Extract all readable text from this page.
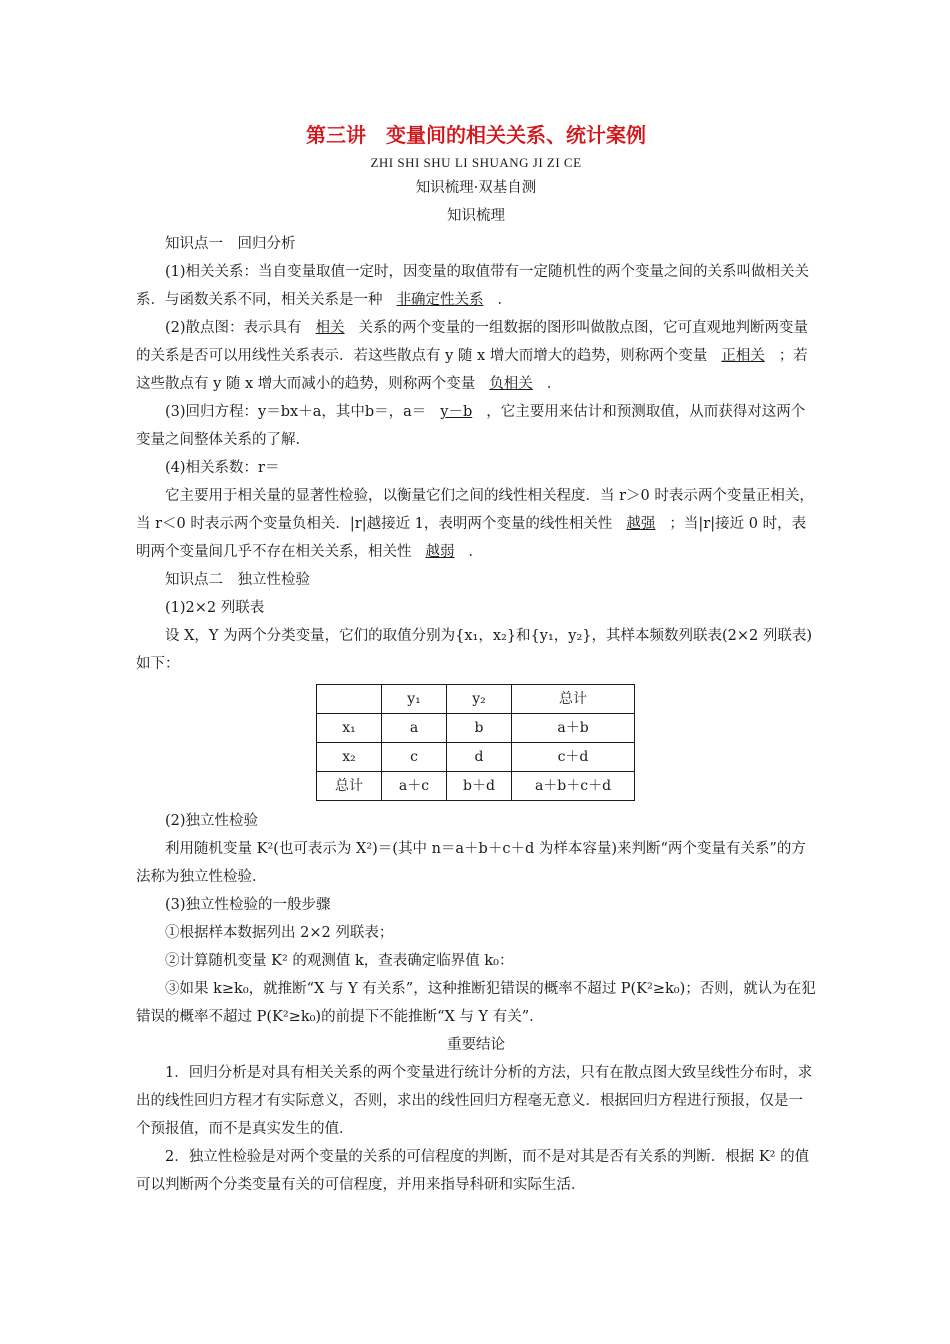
第三讲　变量间的相关关系、统计案例
ZHI SHI SHU LI SHUANG JI ZI CE
知识梳理·双基自测
知识梳理

知识点一　回归分析

(1)相关关系：当自变量取值一定时，因变量的取值带有一定随机性的两个变量之间的关系叫做相关关系．与函数关系不同，相关关系是一种 非确定性关系 ．

(2)散点图：表示具有 相关 关系的两个变量的一组数据的图形叫做散点图，它可直观地判断两变量的关系是否可以用线性关系表示．若这些散点有 y 随 x 增大而增大的趋势，则称两个变量 正相关 ；若这些散点有 y 随 x 增大而减小的趋势，则称两个变量 负相关 ．

(3)回归方程：y＝bx＋a，其中b＝，a＝ y－b ，它主要用来估计和预测取值，从而获得对这两个变量之间整体关系的了解．

(4)相关系数：r＝

它主要用于相关量的显著性检验，以衡量它们之间的线性相关程度．当 r＞0 时表示两个变量正相关，当 r＜0 时表示两个变量负相关．|r|越接近 1，表明两个变量的线性相关性 越强 ；当|r|接近 0 时，表明两个变量间几乎不存在相关关系，相关性 越弱 ．

知识点二　独立性检验

(1)2×2 列联表

设 X，Y 为两个分类变量，它们的取值分别为{x₁，x₂}和{y₁，y₂}，其样本频数列联表(2×2 列联表)如下：

	y₁	y₂	总计
x₁	a	b	a＋b
x₂	c	d	c＋d
总计	a＋c	b＋d	a＋b＋c＋d

(2)独立性检验

利用随机变量 K²(也可表示为 X²)＝(其中 n＝a＋b＋c＋d 为样本容量)来判断“两个变量有关系”的方法称为独立性检验．

(3)独立性检验的一般步骤

①根据样本数据列出 2×2 列联表；

②计算随机变量 K² 的观测值 k，查表确定临界值 k₀：

③如果 k≥k₀，就推断“X 与 Y 有关系”，这种推断犯错误的概率不超过 P(K²≥k₀)；否则，就认为在犯错误的概率不超过 P(K²≥k₀)的前提下不能推断“X 与 Y 有关”．

重要结论

1．回归分析是对具有相关关系的两个变量进行统计分析的方法，只有在散点图大致呈线性分布时，求出的线性回归方程才有实际意义，否则，求出的线性回归方程毫无意义．根据回归方程进行预报，仅是一个预报值，而不是真实发生的值．

2．独立性检验是对两个变量的关系的可信程度的判断，而不是对其是否有关系的判断．根据 K² 的值可以判断两个分类变量有关的可信程度，并用来指导科研和实际生活．
